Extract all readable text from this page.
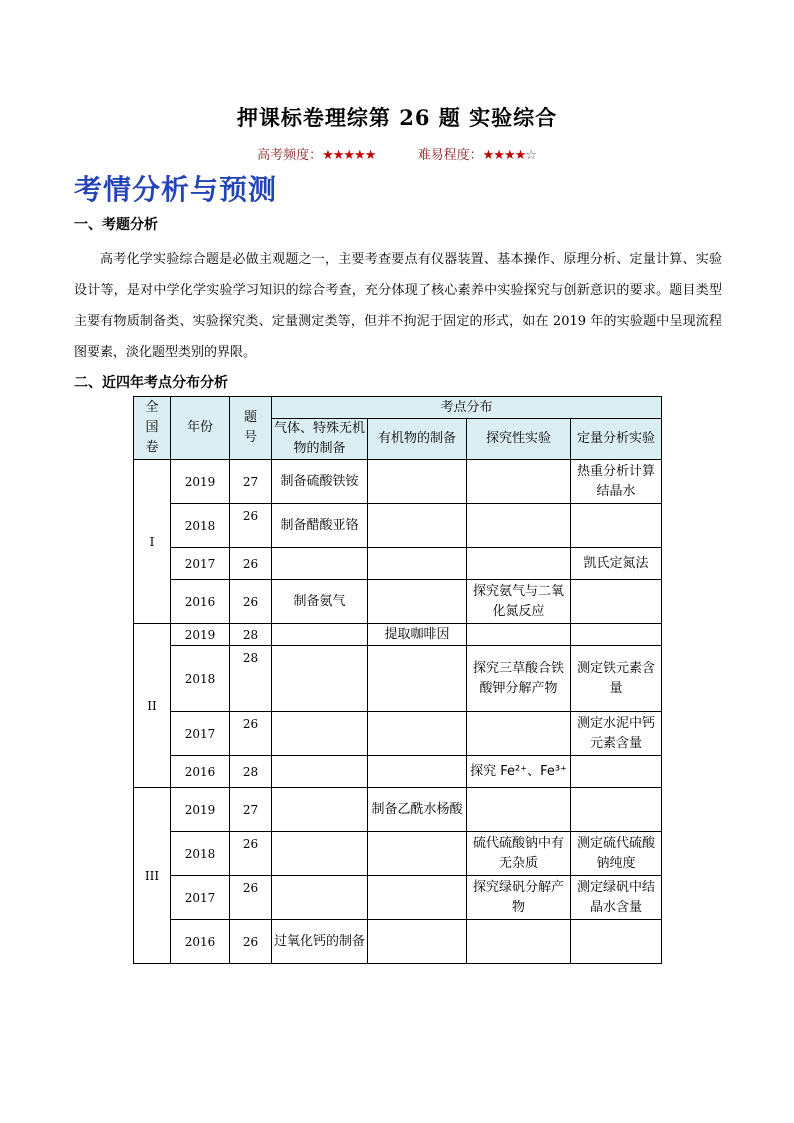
押课标卷理综第 26 题 实验综合
高考频度：★★★★★	难易程度：★★★★☆
考情分析与预测
一、考题分析
高考化学实验综合题是必做主观题之一，主要考查要点有仪器装置、基本操作、原理分析、定量计算、实验设计等，是对中学化学实验学习知识的综合考查，充分体现了核心素养中实验探究与创新意识的要求。题目类型主要有物质制备类、实验探究类、定量测定类等，但并不拘泥于固定的形式，如在 2019 年的实验题中呈现流程图要素，淡化题型类别的界限。
二、近四年考点分布分析
全国卷	年份	题号	考点分布			
			气体、特殊无机物的制备	有机物的制备	探究性实验	定量分析实验
I	2019	27	制备硫酸铁铵			热重分析计算结晶水
	2018	26	制备醋酸亚铬			
	2017	26				凯氏定氮法
	2016	26	制备氨气		探究氨气与二氧化氮反应	
II	2019	28		提取咖啡因		
	2018	28			探究三草酸合铁酸钾分解产物	测定铁元素含量
	2017	26				测定水泥中钙元素含量
	2016	28			探究 Fe²⁺、Fe³⁺	
III	2019	27		制备乙酰水杨酸		
	2018	26			硫代硫酸钠中有无杂质	测定硫代硫酸钠纯度
	2017	26			探究绿矾分解产物	测定绿矾中结晶水含量
	2016	26	过氧化钙的制备			
